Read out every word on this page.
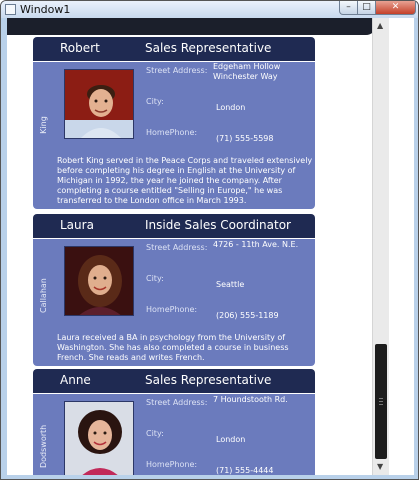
Window1	–	□	✕
Robert	Sales Representative
King
Street Address: Edgeham Hollow
Winchester Way
City:
London
HomePhone:
(71) 555-5598
Robert King served in the Peace Corps and traveled extensively before completing his degree in English at the University of Michigan in 1992, the year he joined the company. After completing a course entitled "Selling in Europe," he was transferred to the London office in March 1993.
Laura	Inside Sales Coordinator
Callahan
Street Address: 4726 - 11th Ave. N.E.
City:
Seattle
HomePhone:
(206) 555-1189
Laura received a BA in psychology from the University of Washington. She has also completed a course in business French. She reads and writes French.
Anne	Sales Representative
Dodsworth
Street Address: 7 Houndstooth Rd.
City:
London
HomePhone:
(71) 555-4444
▲
▼
